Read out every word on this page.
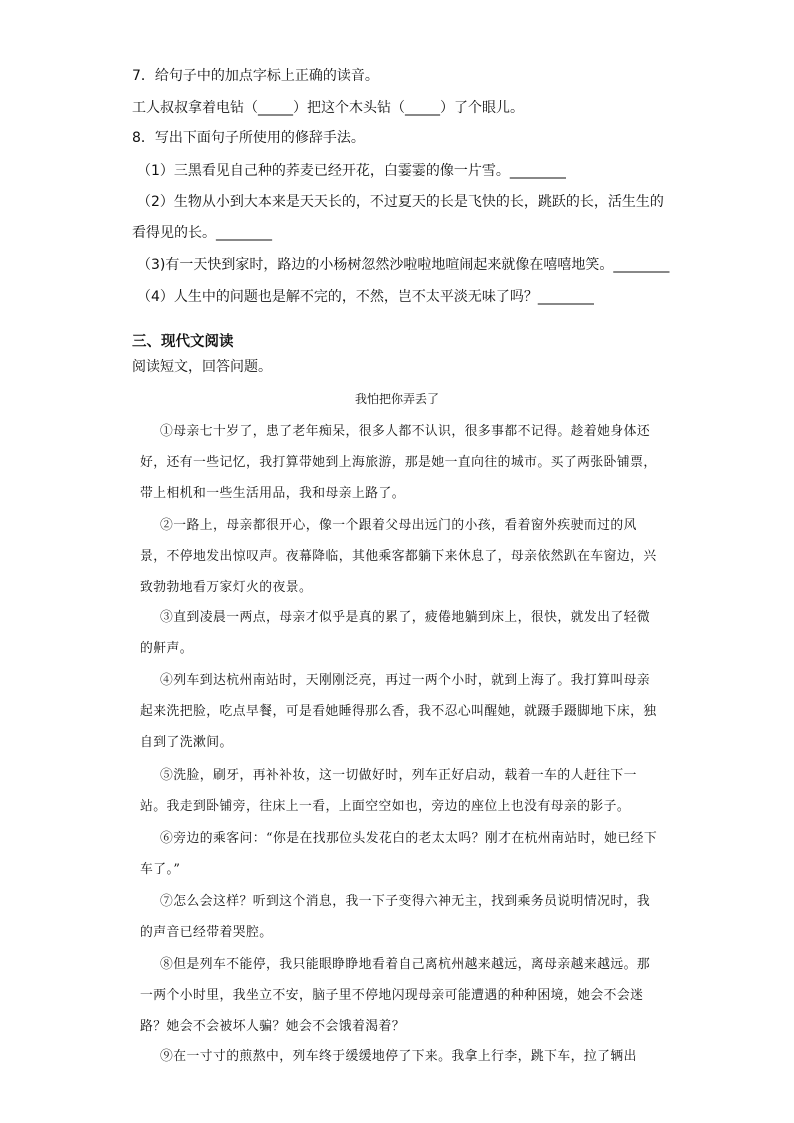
7．给句子中的加点字标上正确的读音。
工人叔叔拿着电钻（_____）把这个木头钻（_____）了个眼儿。
8．写出下面句子所使用的修辞手法。
（1）三黑看见自己种的荞麦已经开花，白霎霎的像一片雪。________
（2）生物从小到大本来是天天长的，不过夏天的长是飞快的长，跳跃的长，活生生的
看得见的长。________
（3)有一天快到家时，路边的小杨树忽然沙啦啦地喧闹起来就像在嘻嘻地笑。________
（4）人生中的问题也是解不完的，不然，岂不太平淡无味了吗？________
三、现代文阅读
阅读短文，回答问题。
我怕把你弄丢了
①母亲七十岁了，患了老年痴呆，很多人都不认识，很多事都不记得。趁着她身体还好，还有一些记忆，我打算带她到上海旅游，那是她一直向往的城市。买了两张卧铺票，带上相机和一些生活用品，我和母亲上路了。
②一路上，母亲都很开心，像一个跟着父母出远门的小孩，看着窗外疾驶而过的风景，不停地发出惊叹声。夜幕降临，其他乘客都躺下来休息了，母亲依然趴在车窗边，兴致勃勃地看万家灯火的夜景。
③直到凌晨一两点，母亲才似乎是真的累了，疲倦地躺到床上，很快，就发出了轻微的鼾声。
④列车到达杭州南站时，天刚刚泛亮，再过一两个小时，就到上海了。我打算叫母亲起来洗把脸，吃点早餐，可是看她睡得那么香，我不忍心叫醒她，就蹑手蹑脚地下床，独自到了洗漱间。
⑤洗脸，刷牙，再补补妆，这一切做好时，列车正好启动，载着一车的人赶往下一站。我走到卧铺旁，往床上一看，上面空空如也，旁边的座位上也没有母亲的影子。
⑥旁边的乘客问：“你是在找那位头发花白的老太太吗？刚才在杭州南站时，她已经下车了。”
⑦怎么会这样？听到这个消息，我一下子变得六神无主，找到乘务员说明情况时，我的声音已经带着哭腔。
⑧但是列车不能停，我只能眼睁睁地看着自己离杭州越来越远，离母亲越来越远。那一两个小时里，我坐立不安，脑子里不停地闪现母亲可能遭遇的种种困境，她会不会迷路？她会不会被坏人骗？她会不会饿着渴着？
⑨在一寸寸的煎熬中，列车终于缓缓地停了下来。我拿上行李，跳下车，拉了辆出
